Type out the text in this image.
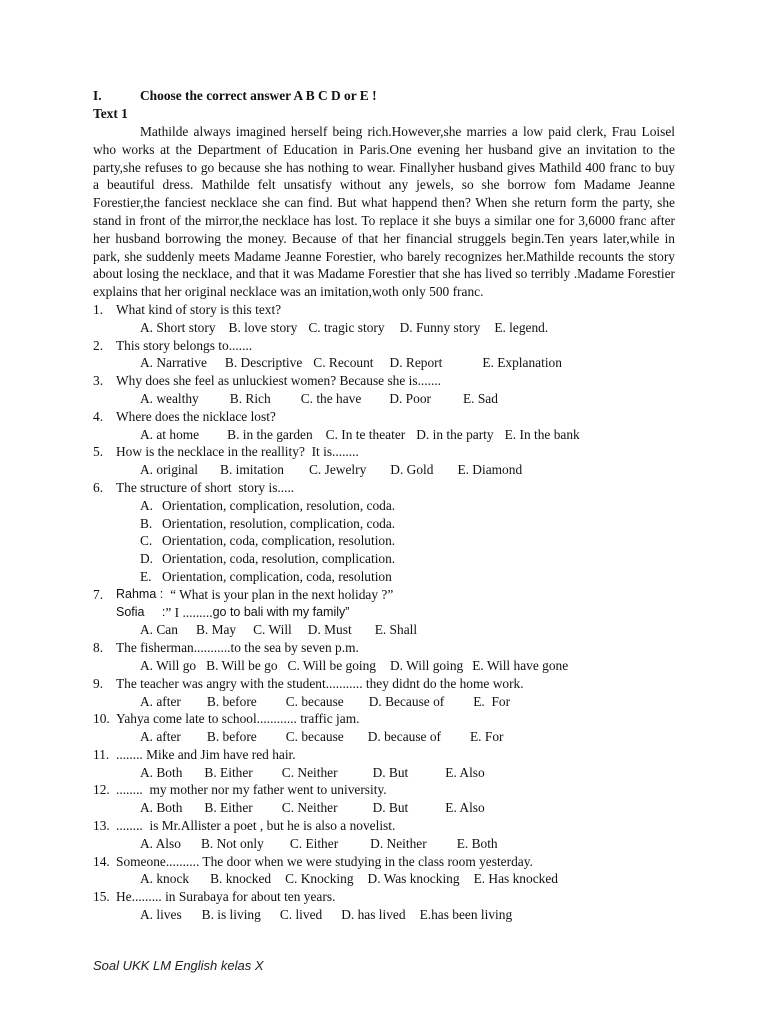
I.	Choose the correct answer A B C D or E !
Text 1
Mathilde always imagined herself being rich.However,she marries a low paid clerk, Frau Loisel who works at the Department of Education in Paris.One evening her husband give an invitation to the party,she refuses to go because she has nothing to wear. Finallyher husband gives Mathild 400 franc to buy a beautiful dress. Mathilde felt unsatisfy without any jewels, so she borrow fom Madame Jeanne Forestier,the fanciest necklace she can find. But what happend then? When she return form the party, she stand in front of the mirror,the necklace has lost. To replace it she buys a similar one for 3,6000 franc after her husband borrowing the money. Because of that her financial struggels begin.Ten years later,while in park, she suddenly meets Madame Jeanne Forestier, who barely recognizes her.Mathilde recounts the story about losing the necklace, and that it was Madame Forestier that she has lived so terribly .Madame Forestier explains that her original necklace was an imitation,woth only 500 franc.
1. What kind of story is this text?
A. Short story B. love story C. tragic story D. Funny story E. legend.
2. This story belongs to.......
A. Narrative B. Descriptive C. Recount D. Report	E. Explanation
3. Why does she feel as unluckiest women? Because she is.......
A. wealthy B. Rich C. the have D. Poor E. Sad
4. Where does the nicklace lost?
A. at home B. in the garden C. In te theater D. in the party E. In the bank
5. How is the necklace in the reallity?  It is........
A. original B. imitation C. Jewelry D. Gold E. Diamond
6. The structure of short  story is.....
A. Orientation, complication, resolution, coda.
B. Orientation, resolution, complication, coda.
C. Orientation, coda, complication, resolution.
D. Orientation, coda, resolution, complication.
E. Orientation, complication, coda, resolution
7.	Rahma : “ What is your plan in the next holiday ?”
Sofia     : ” I ......... go to bali with my family”
A. Can B. May C. Will D. Must E. Shall
8. The fisherman...........to the sea by seven p.m.
A. Will go B. Will be go C. Will be going D. Will going E. Will have gone
9. The teacher was angry with the student........... they didnt do the home work.
A. after B. before C. because D. Because of E.  For
10. Yahya come late to school............ traffic jam.
A. after B. before C. because D. because of E. For
11. ........ Mike and Jim have red hair.
A. Both B. Either C. Neither	D. But	E. Also
12. ........  my mother nor my father went to university.
A. Both B. Either C. Neither	D. But	E. Also
13. ........  is Mr.Allister a poet , but he is also a novelist.
A. Also B. Not only C. Either D. Neither E. Both
14. Someone.......... The door when we were studying in the class room yesterday.
A. knock B. knocked C. Knocking D. Was knocking E. Has knocked
15. He......... in Surabaya for about ten years.
A. lives B. is living C. lived D. has lived E.has been living
Soal UKK LM English kelas X
